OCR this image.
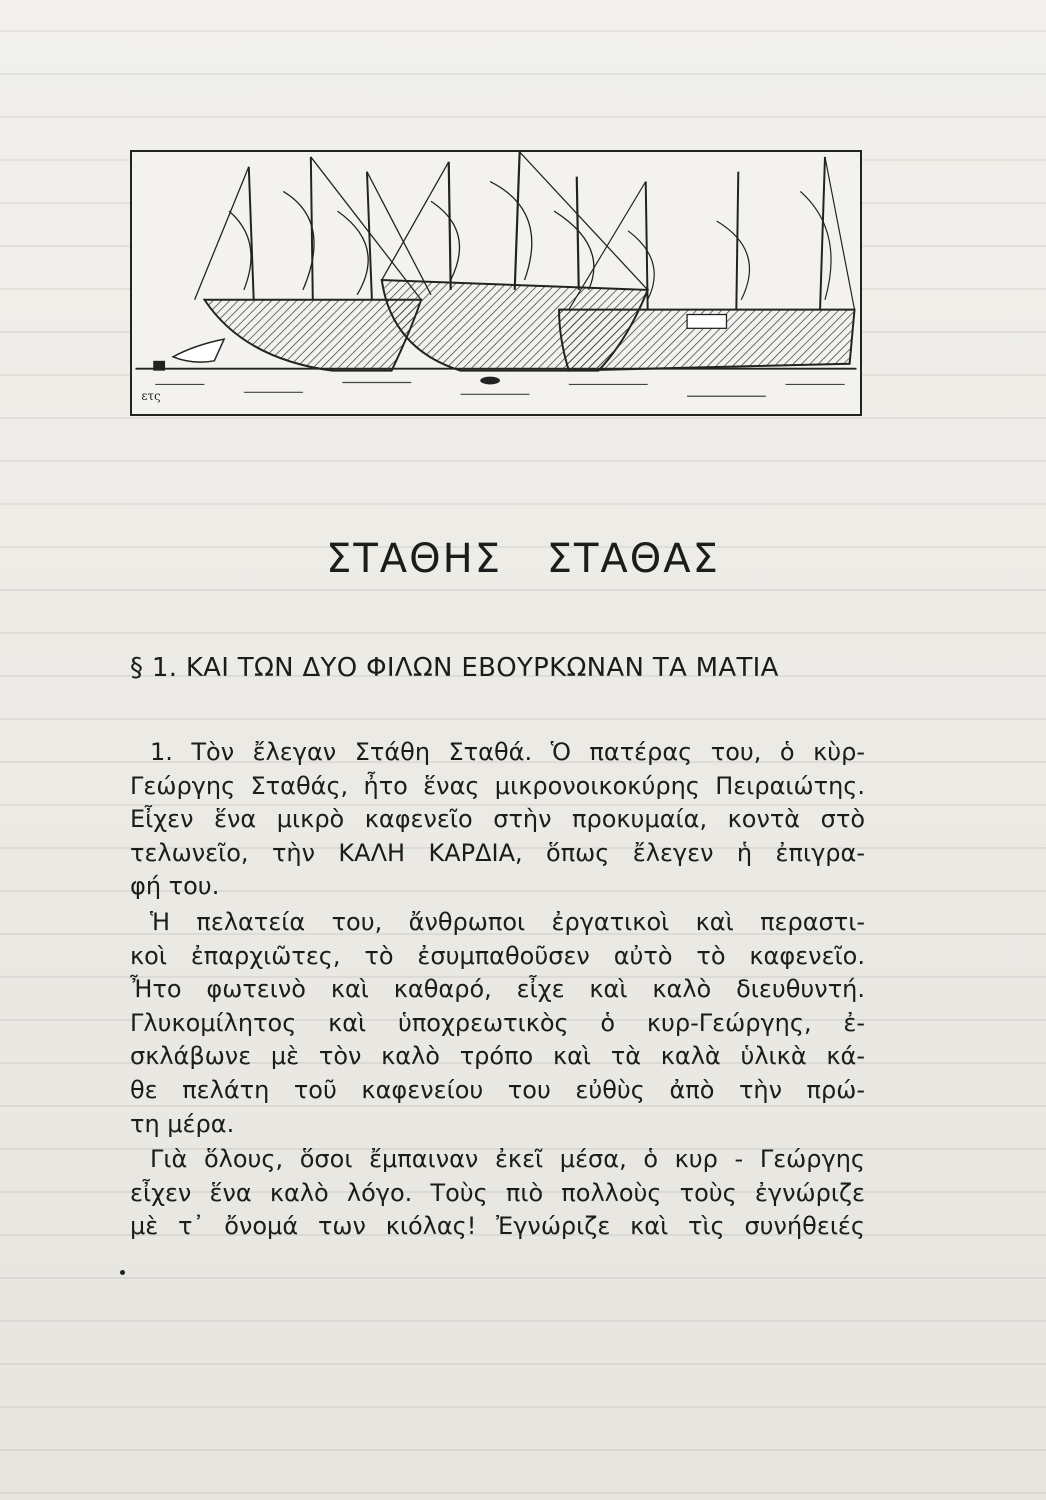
ετς
ΣΤΑΘΗΣ ΣΤΑΘΑΣ
§ 1. ΚΑΙ ΤΩΝ ΔΥΟ ΦΙΛΩΝ ΕΒΟΥΡΚΩΝΑΝ ΤΑ ΜΑΤΙΑ
1. Τὸν ἔλεγαν Στάθη Σταθά. Ὁ πατέρας του, ὁ κὺρ-
Γεώργης Σταθάς, ἦτο ἕνας μικρονοικοκύρης Πειραιώτης.
Εἶχεν ἕνα μικρὸ καφενεῖο στὴν προκυμαία, κοντὰ στὸ
τελωνεῖο, τὴν ΚΑΛΗ ΚΑΡΔΙΑ, ὅπως ἔλεγεν ἡ ἐπιγρα-
φή του.
Ἡ πελατεία του, ἄνθρωποι ἐργατικοὶ καὶ περαστι-
κοὶ ἐπαρχιῶτες, τὸ ἐσυμπαθοῦσεν αὐτὸ τὸ καφενεῖο.
Ἦτο φωτεινὸ καὶ καθαρό, εἶχε καὶ καλὸ διευθυντή.
Γλυκομίλητος καὶ ὑποχρεωτικὸς ὁ κυρ-Γεώργης, ἐ-
σκλάβωνε μὲ τὸν καλὸ τρόπο καὶ τὰ καλὰ ὑλικὰ κά-
θε πελάτη τοῦ καφενείου του εὐθὺς ἀπὸ τὴν πρώ-
τη μέρα.
Γιὰ ὅλους, ὅσοι ἔμπαιναν ἐκεῖ μέσα, ὁ κυρ - Γεώργης
εἶχεν ἕνα καλὸ λόγο. Τοὺς πιὸ πολλοὺς τοὺς ἐγνώριζε
μὲ τ᾿ ὄνομά των κιόλας! Ἐγνώριζε καὶ τὶς συνήθειές
